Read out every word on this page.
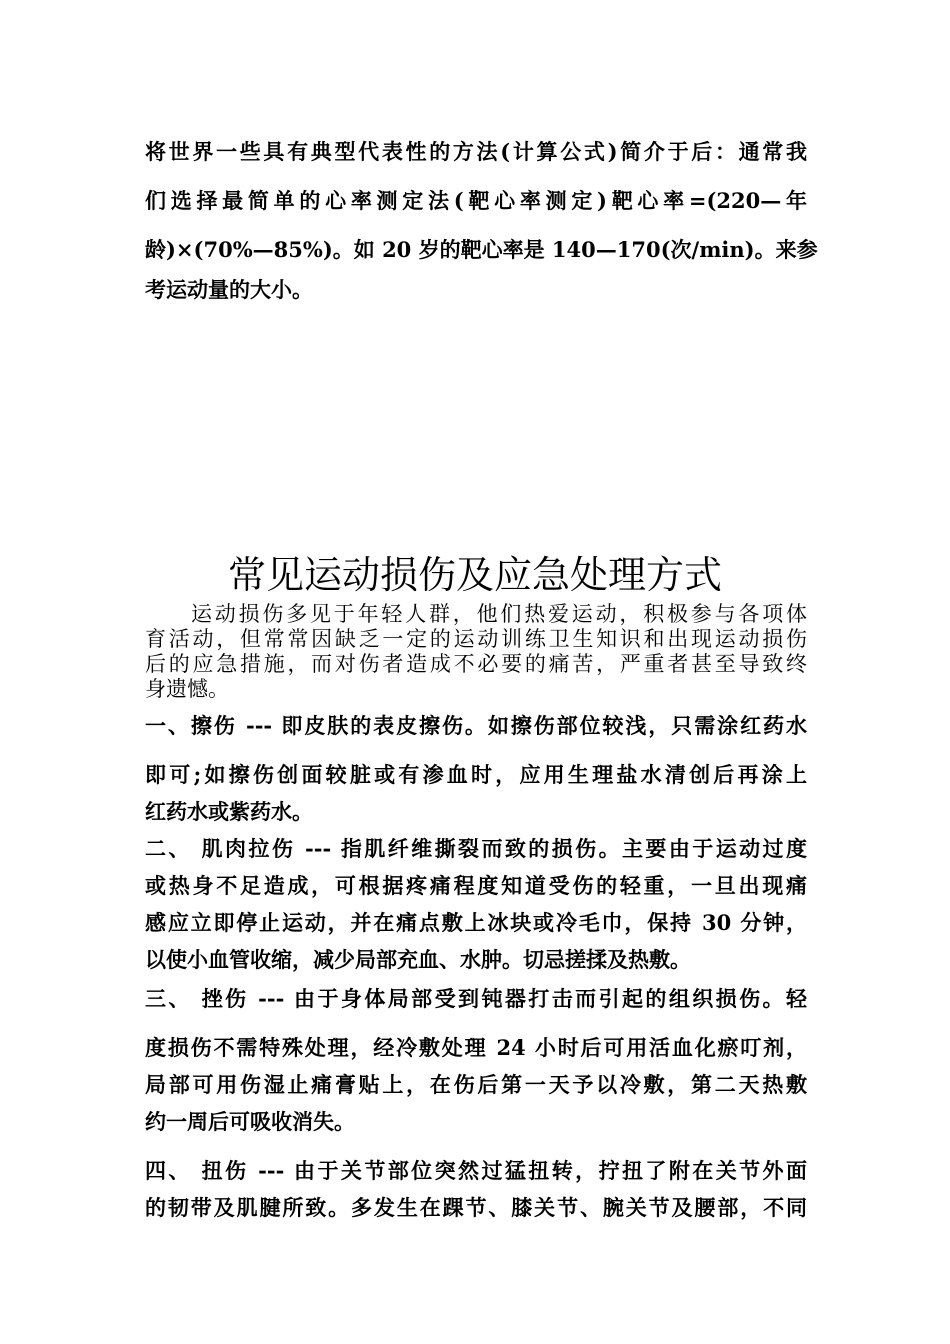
将世界一些具有典型代表性的方法(计算公式)简介于后：通常我
们选择最简单的心率测定法(靶心率测定)靶心率=(220—年
龄)×(70%—85%)。如 20 岁的靶心率是 140—170(次/min)。来参
考运动量的大小。
常见运动损伤及应急处理方式
运动损伤多见于年轻人群，他们热爱运动，积极参与各项体
育活动，但常常因缺乏一定的运动训练卫生知识和出现运动损伤
后的应急措施，而对伤者造成不必要的痛苦，严重者甚至导致终
身遗憾。
一、擦伤 --- 即皮肤的表皮擦伤。如擦伤部位较浅，只需涂红药水
即可;如擦伤创面较脏或有渗血时，应用生理盐水清创后再涂上
红药水或紫药水。
二、 肌肉拉伤 --- 指肌纤维撕裂而致的损伤。主要由于运动过度
或热身不足造成，可根据疼痛程度知道受伤的轻重，一旦出现痛
感应立即停止运动，并在痛点敷上冰块或冷毛巾，保持 30 分钟，
以使小血管收缩，减少局部充血、水肿。切忌搓揉及热敷。
三、 挫伤 --- 由于身体局部受到钝器打击而引起的组织损伤。轻
度损伤不需特殊处理，经冷敷处理 24 小时后可用活血化瘀叮剂，
局部可用伤湿止痛膏贴上，在伤后第一天予以冷敷，第二天热敷
约一周后可吸收消失。
四、 扭伤 --- 由于关节部位突然过猛扭转，拧扭了附在关节外面
的韧带及肌腱所致。多发生在踝节、膝关节、腕关节及腰部，不同
